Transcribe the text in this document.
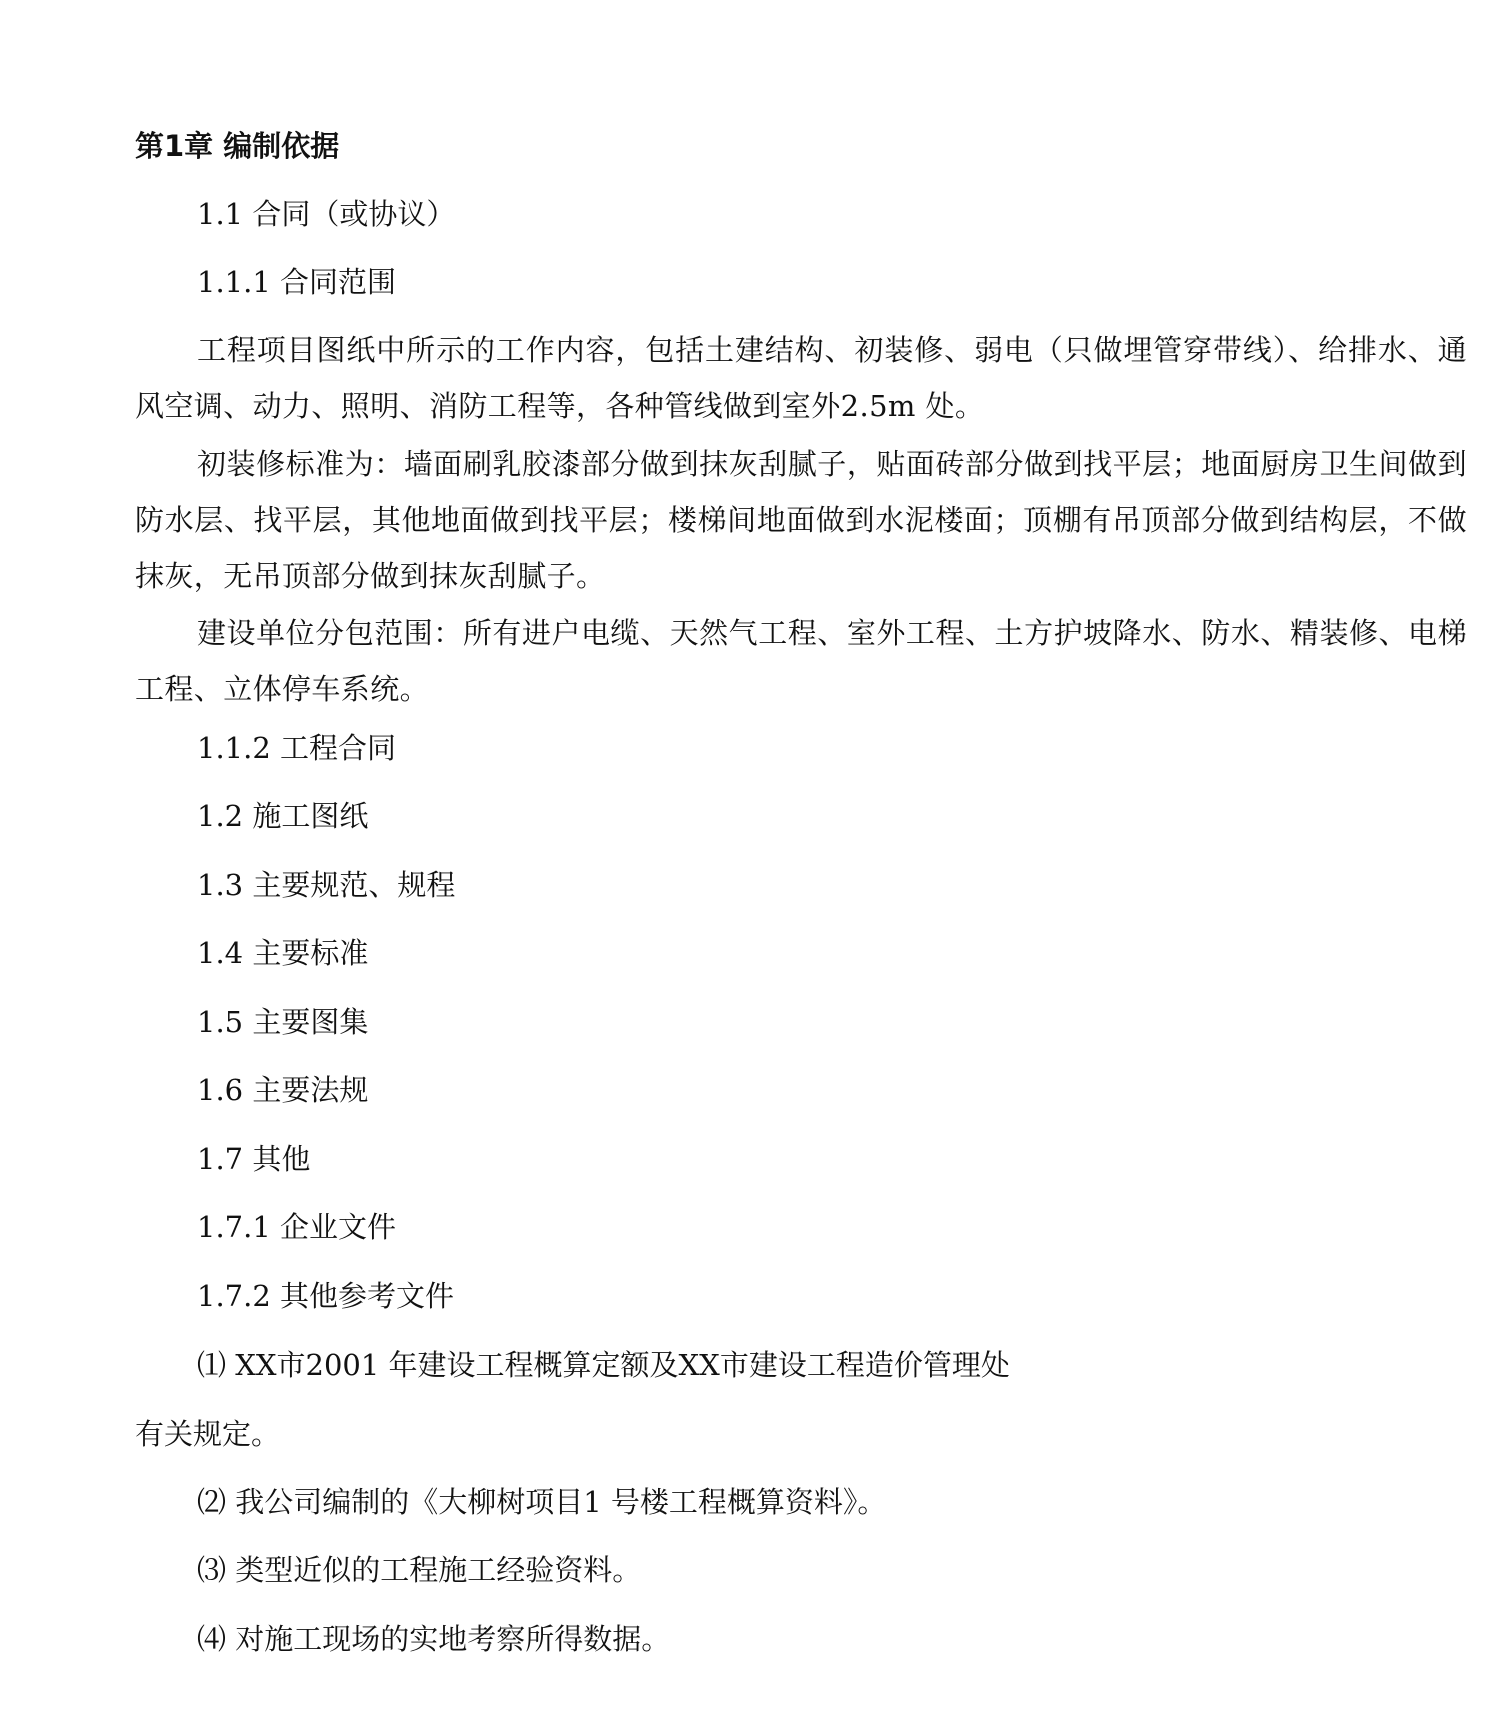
第1章 编制依据

1.1 合同（或协议）

1.1.1 合同范围

工程项目图纸中所示的工作内容，包括土建结构、初装修、弱电（只做埋管穿带线）、给排水、通风空调、动力、照明、消防工程等，各种管线做到室外2.5m 处。

初装修标准为：墙面刷乳胶漆部分做到抹灰刮腻子，贴面砖部分做到找平层；地面厨房卫生间做到防水层、找平层，其他地面做到找平层；楼梯间地面做到水泥楼面；顶棚有吊顶部分做到结构层，不做抹灰，无吊顶部分做到抹灰刮腻子。

建设单位分包范围：所有进户电缆、天然气工程、室外工程、土方护坡降水、防水、精装修、电梯工程、立体停车系统。

1.1.2 工程合同

1.2 施工图纸

1.3 主要规范、规程

1.4 主要标准

1.5 主要图集

1.6 主要法规

1.7 其他

1.7.1 企业文件

1.7.2 其他参考文件

⑴ XX市2001 年建设工程概算定额及XX市建设工程造价管理处

有关规定。

⑵ 我公司编制的《大柳树项目1 号楼工程概算资料》。

⑶ 类型近似的工程施工经验资料。

⑷ 对施工现场的实地考察所得数据。
